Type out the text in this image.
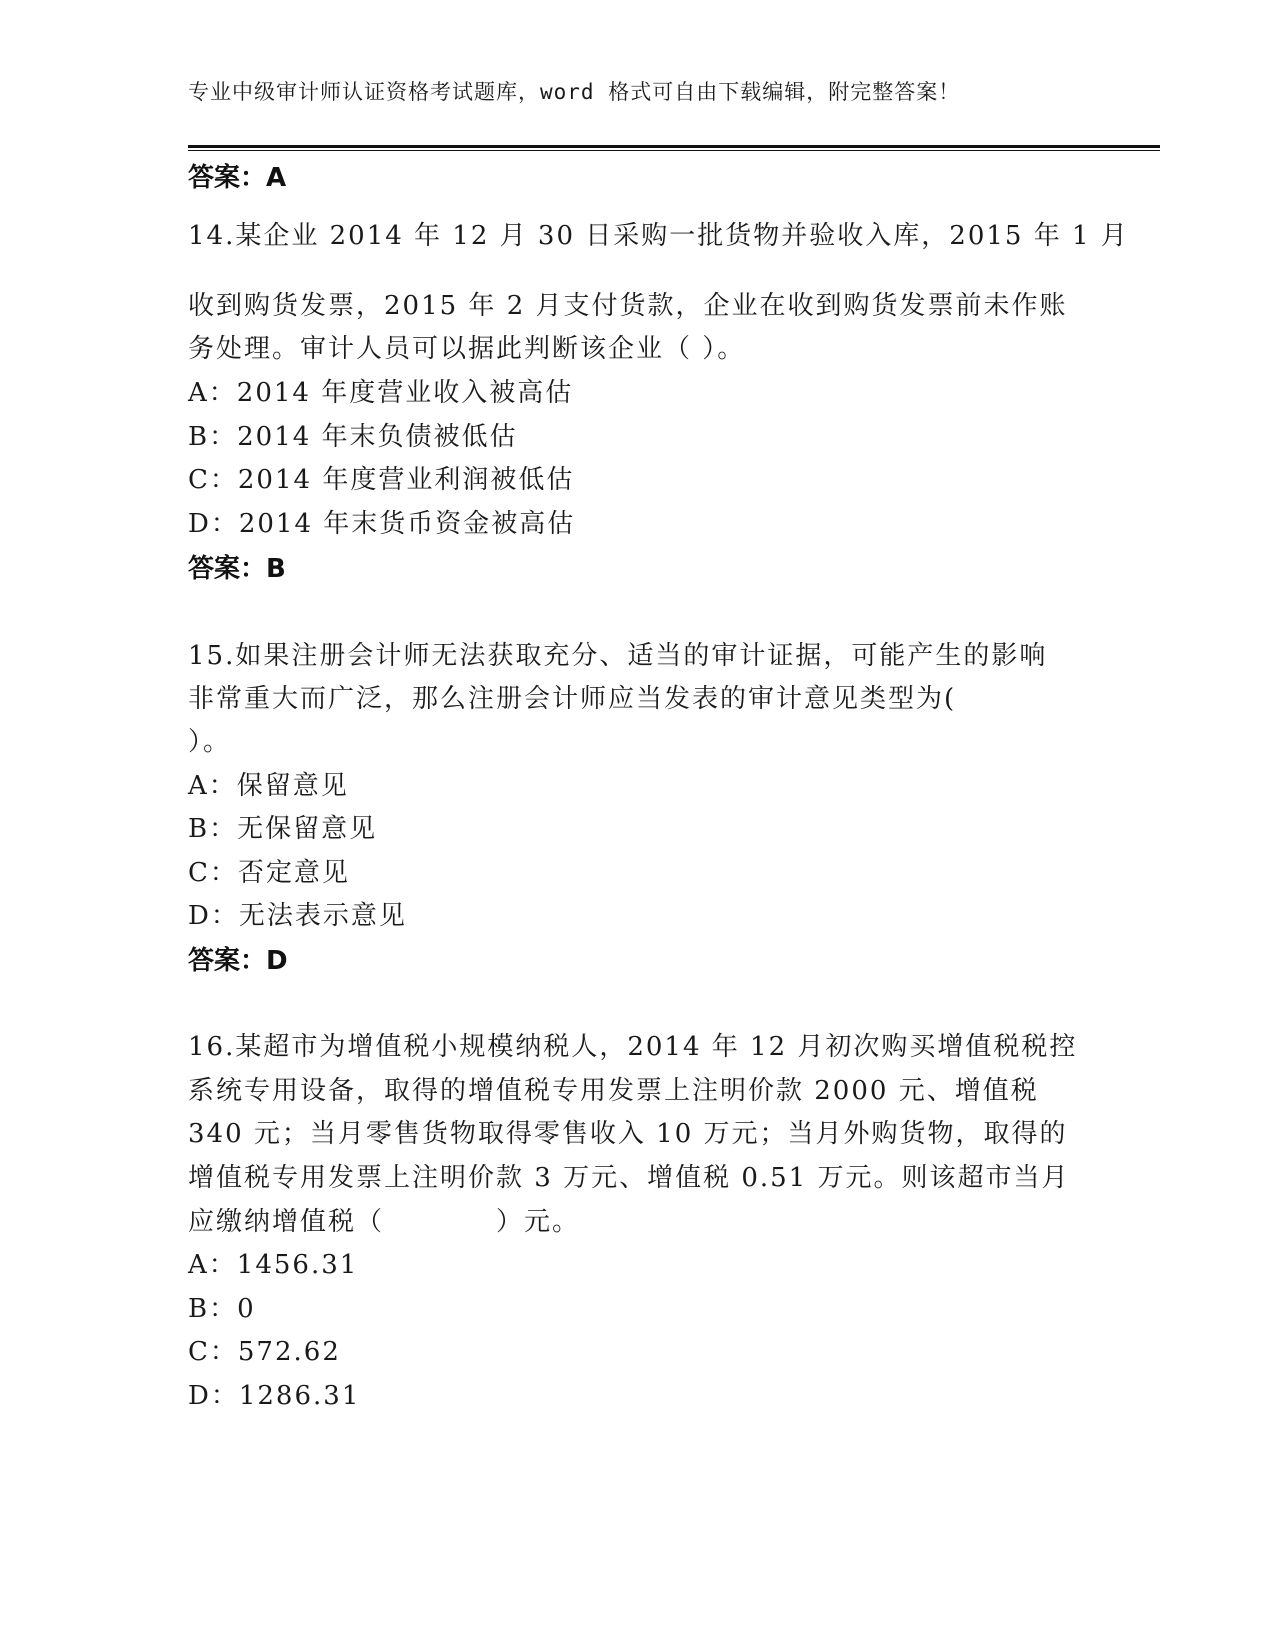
专业中级审计师认证资格考试题库，word 格式可自由下载编辑，附完整答案！
答案：A
14.某企业 2014 年 12 月 30 日采购一批货物并验收入库，2015 年 1 月
收到购货发票，2015 年 2 月支付货款，企业在收到购货发票前未作账
务处理。审计人员可以据此判断该企业（ ）。
A：2014 年度营业收入被高估
B：2014 年末负债被低估
C：2014 年度营业利润被低估
D：2014 年末货币资金被高估
答案：B
15.如果注册会计师无法获取充分、适当的审计证据，可能产生的影响
非常重大而广泛，那么注册会计师应当发表的审计意见类型为(
）。
A：保留意见
B：无保留意见
C：否定意见
D：无法表示意见
答案：D
16.某超市为增值税小规模纳税人，2014 年 12 月初次购买增值税税控
系统专用设备，取得的增值税专用发票上注明价款 2000 元、增值税
340 元；当月零售货物取得零售收入 10 万元；当月外购货物，取得的
增值税专用发票上注明价款 3 万元、增值税 0.51 万元。则该超市当月
应缴纳增值税（　　　　）元。
A：1456.31
B：0
C：572.62
D：1286.31
